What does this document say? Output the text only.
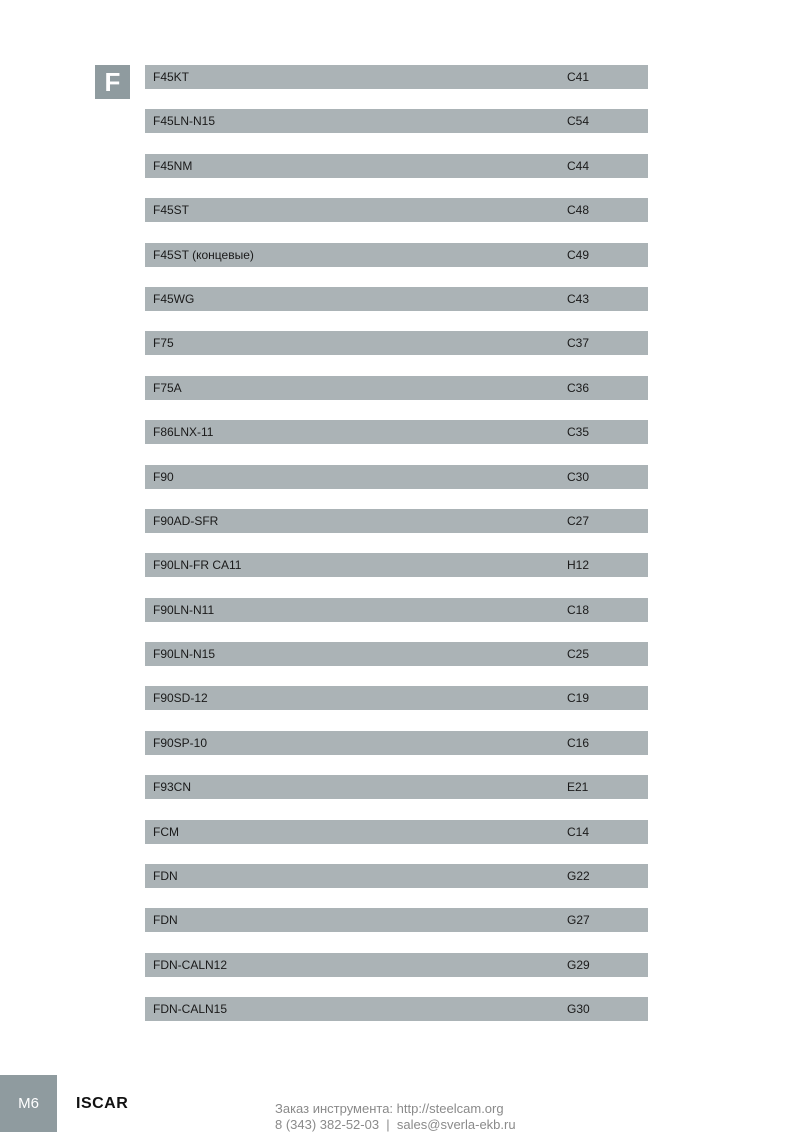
F	F45KT	C41
F45LN-N15	C54
F45NM	C44
F45ST	C48
F45ST (концевые)	C49
F45WG	C43
F75	C37
F75A	C36
F86LNX-11	C35
F90	C30
F90AD-SFR	C27
F90LN-FR CA11	H12
F90LN-N11	C18
F90LN-N15	C25
F90SD-12	C19
F90SP-10	C16
F93CN	E21
FCM	C14
FDN	G22
FDN	G27
FDN-CALN12	G29
FDN-CALN15	G30
M6	ISCAR	Заказ инструмента: http://steelcam.org
8 (343) 382-52-03  |  sales@sverla-ekb.ru
